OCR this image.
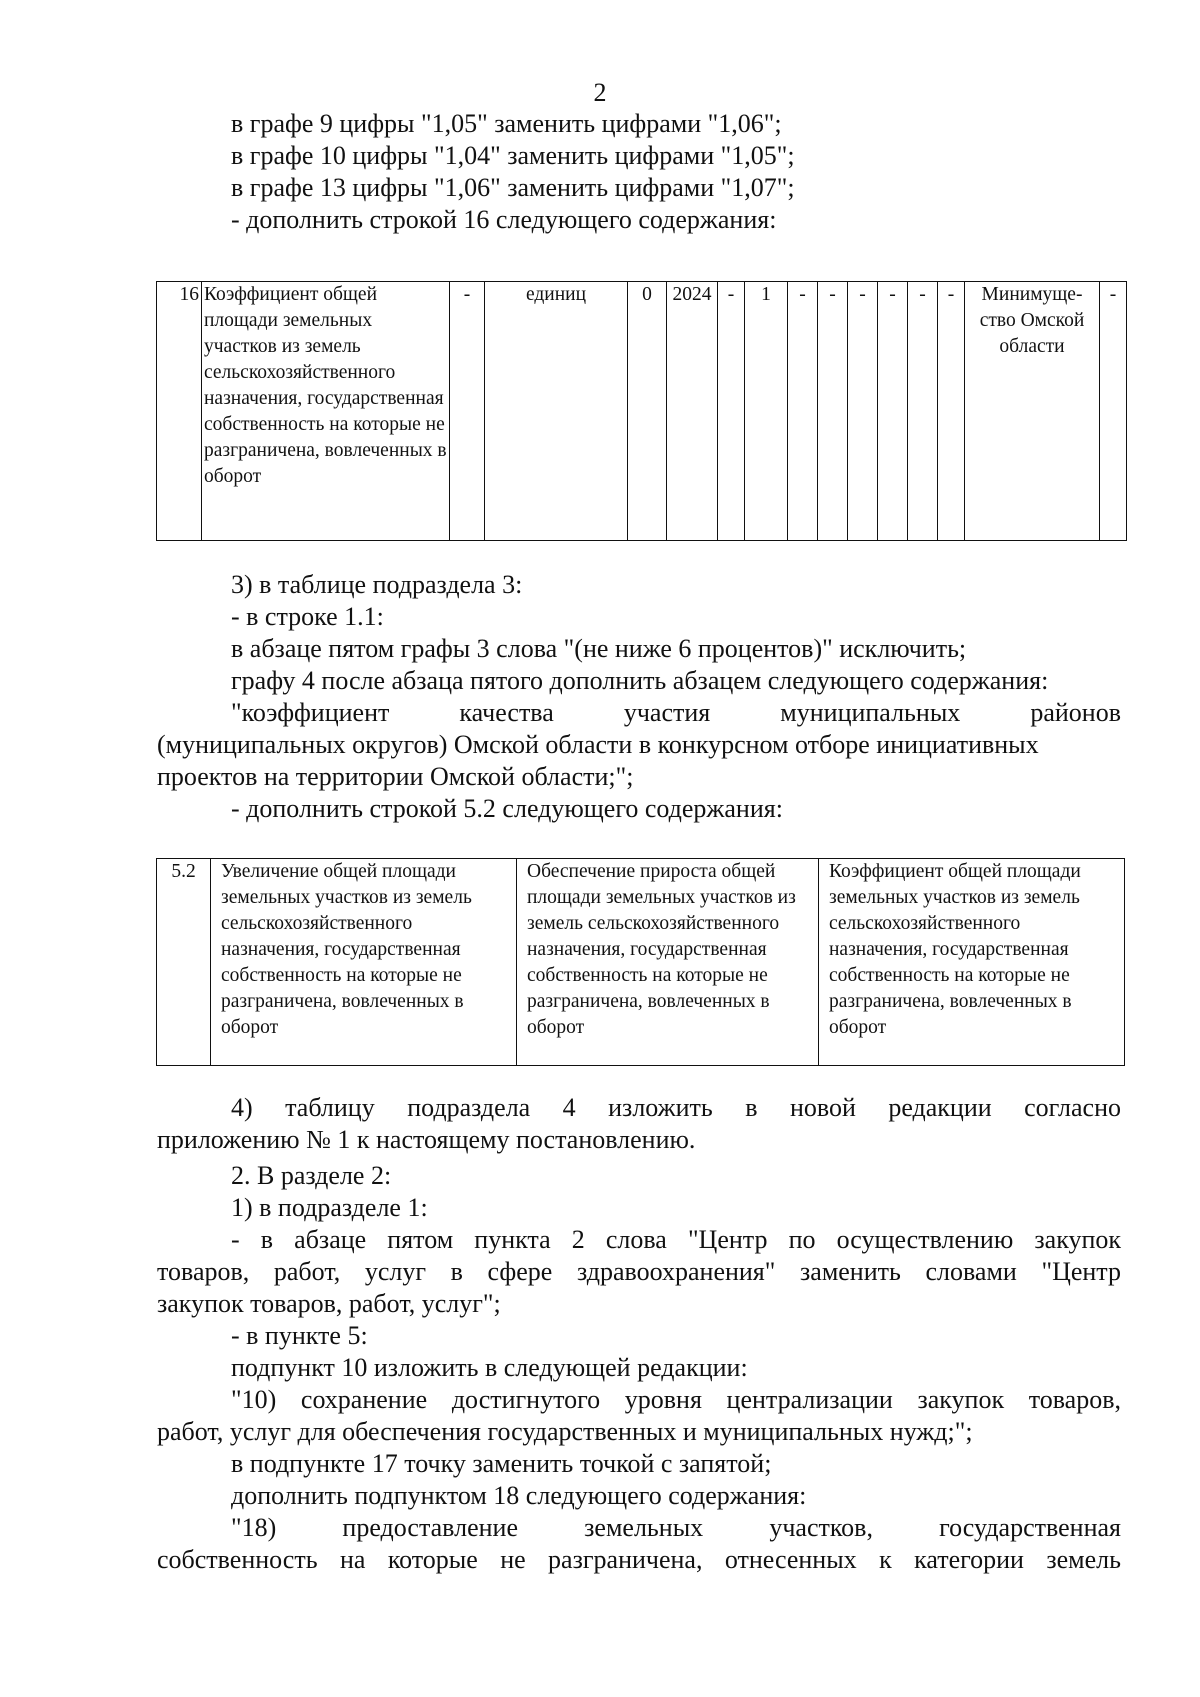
2
в графе 9 цифры "1,05" заменить цифрами "1,06";
в графе 10 цифры "1,04" заменить цифрами "1,05";
в графе 13 цифры "1,06" заменить цифрами "1,07";
- дополнить строкой 16 следующего содержания:
16	Коэффициент общей площади земельных участков из земель сельскохозяйственного назначения, государственная собственность на которые не разграничена, вовлеченных в оборот	-	единиц	0	2024	-	1	-	-	-	-	-	-	Минимуще-ство Омской области	-
3) в таблице подраздела 3:
- в строке 1.1:
в абзаце пятом графы 3 слова "(не ниже 6 процентов)" исключить;
графу 4 после абзаца пятого дополнить абзацем следующего содержания:
"коэффициент качества участия муниципальных районов
(муниципальных округов) Омской области в конкурсном отборе инициативных
проектов на территории Омской области;";
- дополнить строкой 5.2 следующего содержания:
5.2	Увеличение общей площади земельных участков из земель сельскохозяйственного назначения, государственная собственность на которые не разграничена, вовлеченных в оборот	Обеспечение прироста общей площади земельных участков из земель сельскохозяйственного назначения, государственная собственность на которые не разграничена, вовлеченных в оборот	Коэффициент общей площади земельных участков из земель сельскохозяйственного назначения, государственная собственность на которые не разграничена, вовлеченных в оборот
4) таблицу подраздела 4 изложить в новой редакции согласно
приложению № 1 к настоящему постановлению.
2. В разделе 2:
1) в подразделе 1:
- в абзаце пятом пункта 2 слова "Центр по осуществлению закупок
товаров, работ, услуг в сфере здравоохранения" заменить словами "Центр
закупок товаров, работ, услуг";
- в пункте 5:
подпункт 10 изложить в следующей редакции:
"10) сохранение достигнутого уровня централизации закупок товаров,
работ, услуг для обеспечения государственных и муниципальных нужд;";
в подпункте 17 точку заменить точкой с запятой;
дополнить подпунктом 18 следующего содержания:
"18) предоставление земельных участков, государственная
собственность на которые не разграничена, отнесенных к категории земель
